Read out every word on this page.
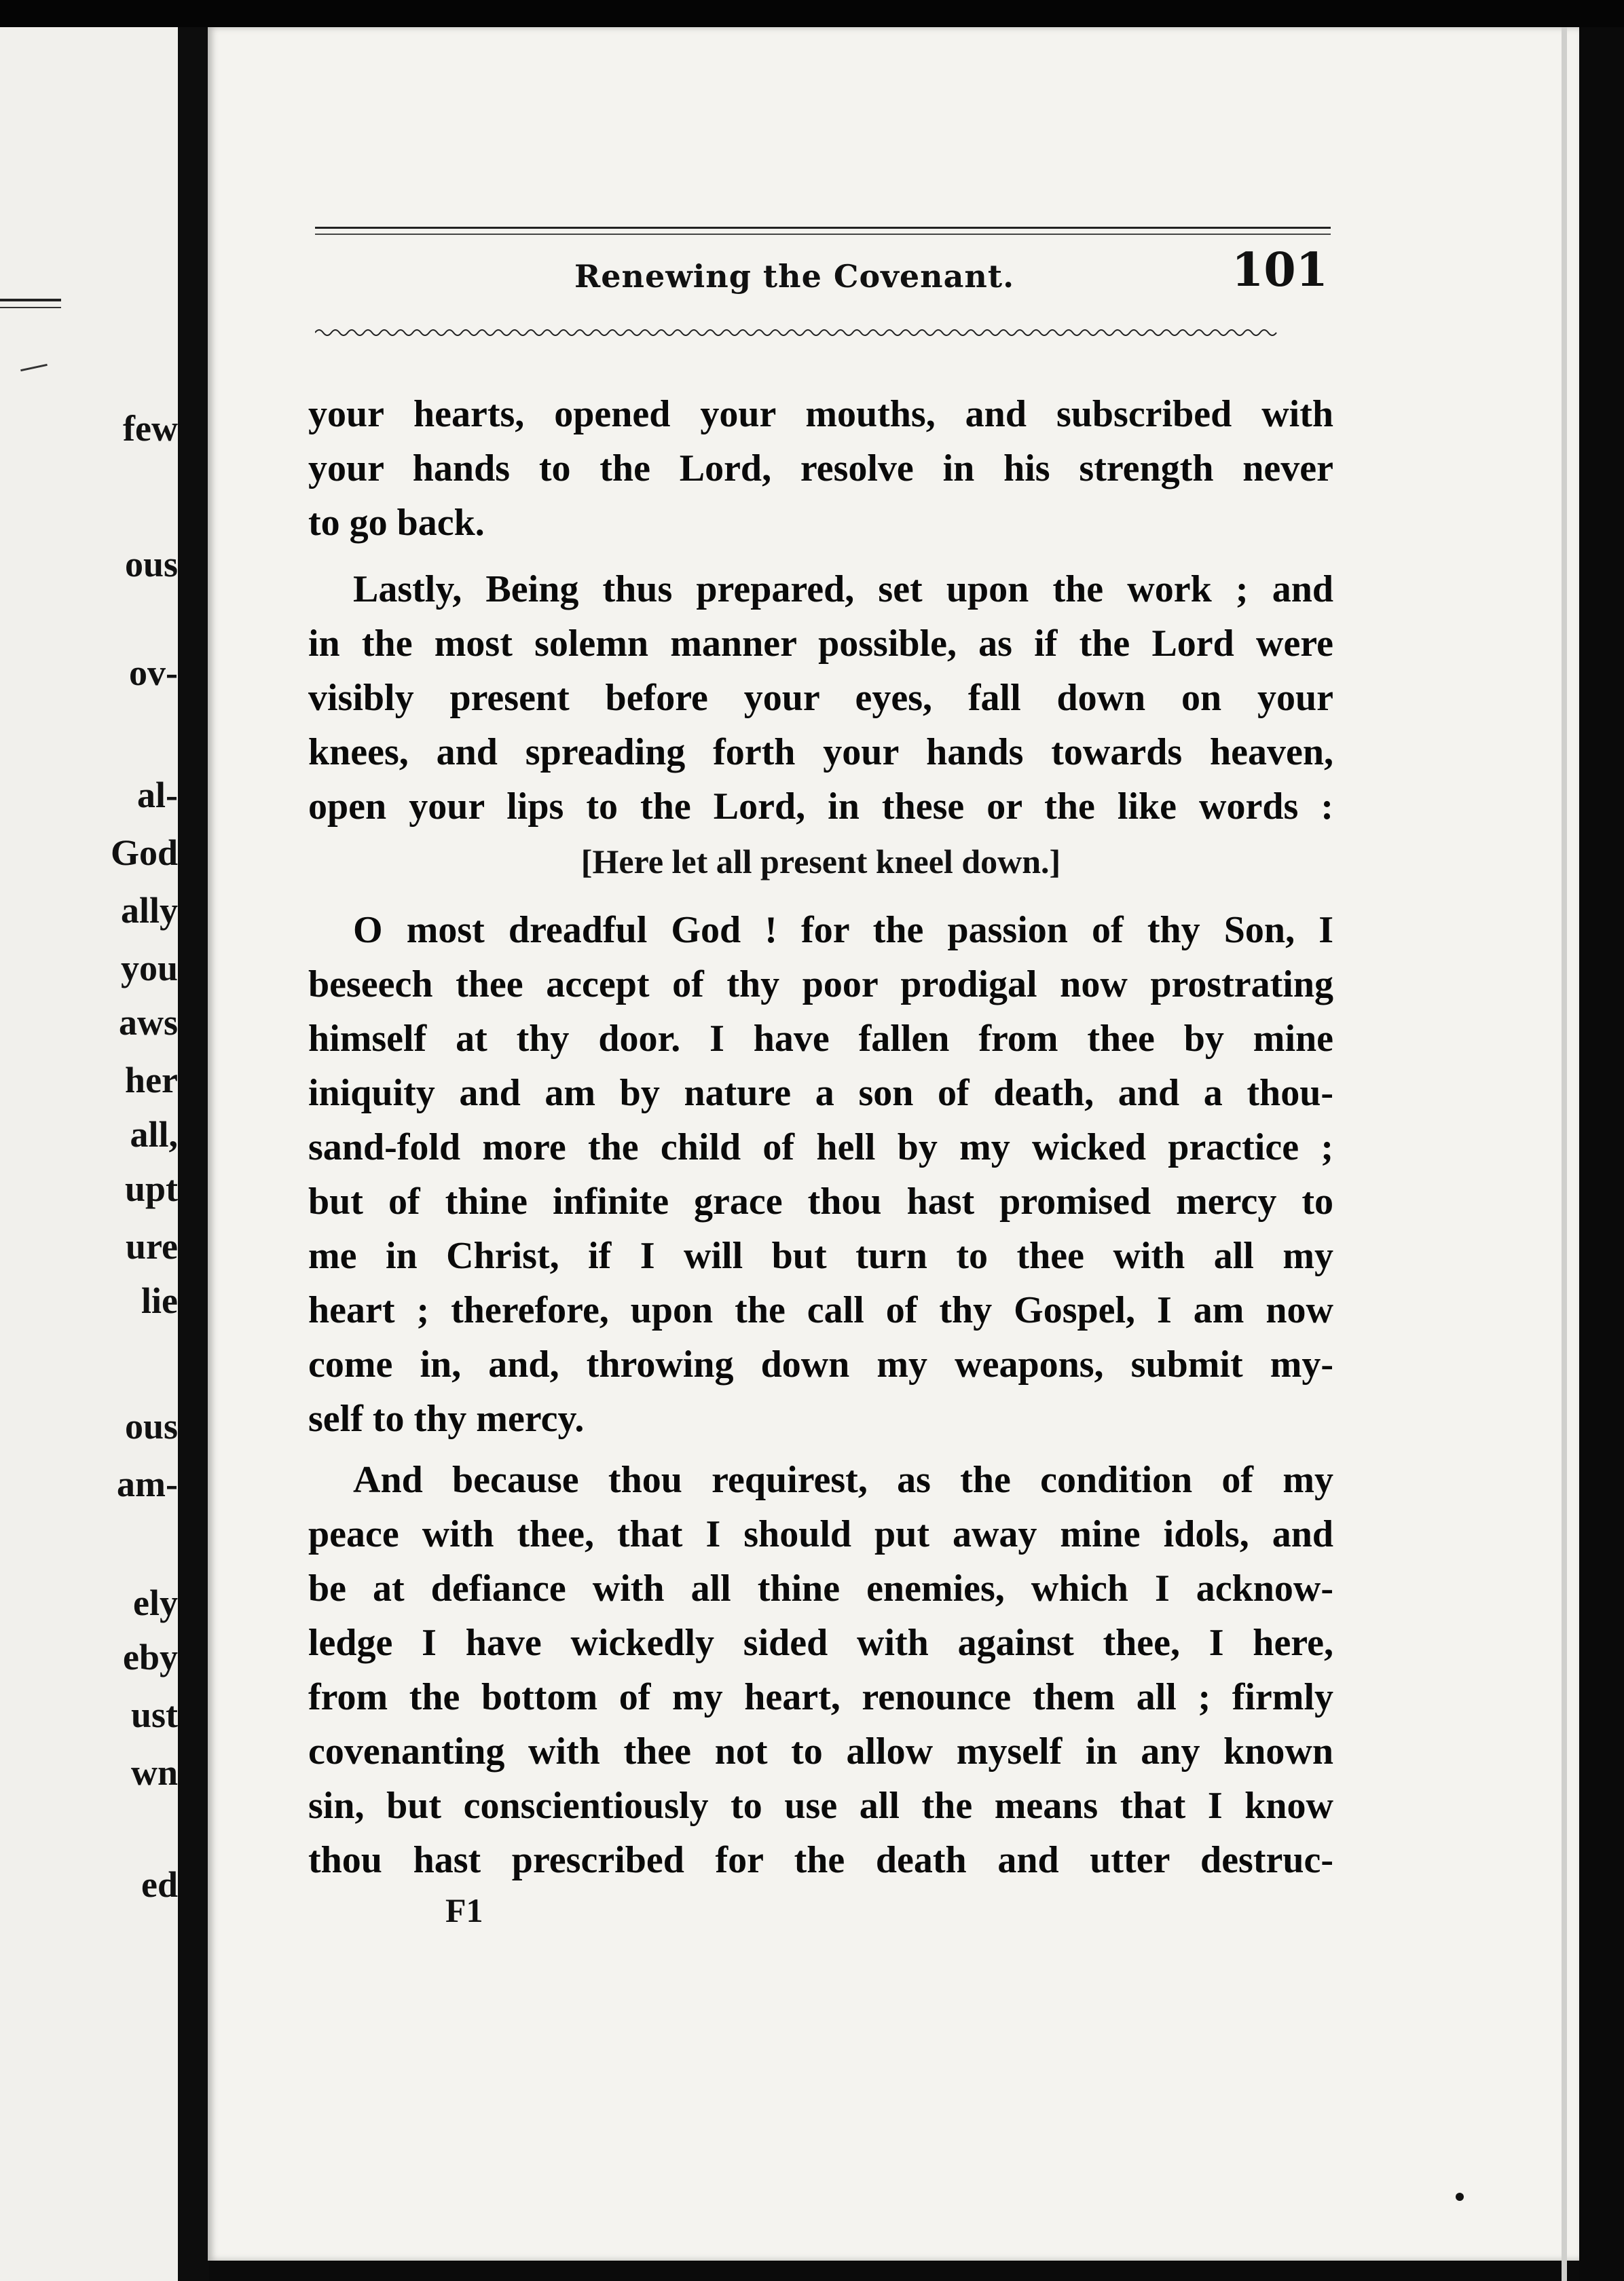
few
ous
ov-
al-
God
ally
you
aws
her
all,
upt
ure
lie
ous
am-
ely
eby
ust
wn
ed
Renewing the Covenant.	101
your hearts, opened your mouths, and subscribed with
your hands to the Lord, resolve in his strength never
to go back.
Lastly, Being thus prepared, set upon the work ; and
in the most solemn manner possible, as if the Lord were
visibly present before your eyes, fall down on your
knees, and spreading forth your hands towards heaven,
open your lips to the Lord, in these or the like words :
[Here let all present kneel down.]
O most dreadful God ! for the passion of thy Son, I
beseech thee accept of thy poor prodigal now prostrating
himself at thy door. I have fallen from thee by mine
iniquity and am by nature a son of death, and a thou-
sand-fold more the child of hell by my wicked practice ;
but of thine infinite grace thou hast promised mercy to
me in Christ, if I will but turn to thee with all my
heart ; therefore, upon the call of thy Gospel, I am now
come in, and, throwing down my weapons, submit my-
self to thy mercy.
And because thou requirest, as the condition of my
peace with thee, that I should put away mine idols, and
be at defiance with all thine enemies, which I acknow-
ledge I have wickedly sided with against thee, I here,
from the bottom of my heart, renounce them all ; firmly
covenanting with thee not to allow myself in any known
sin, but conscientiously to use all the means that I know
thou hast prescribed for the death and utter destruc-
F1
